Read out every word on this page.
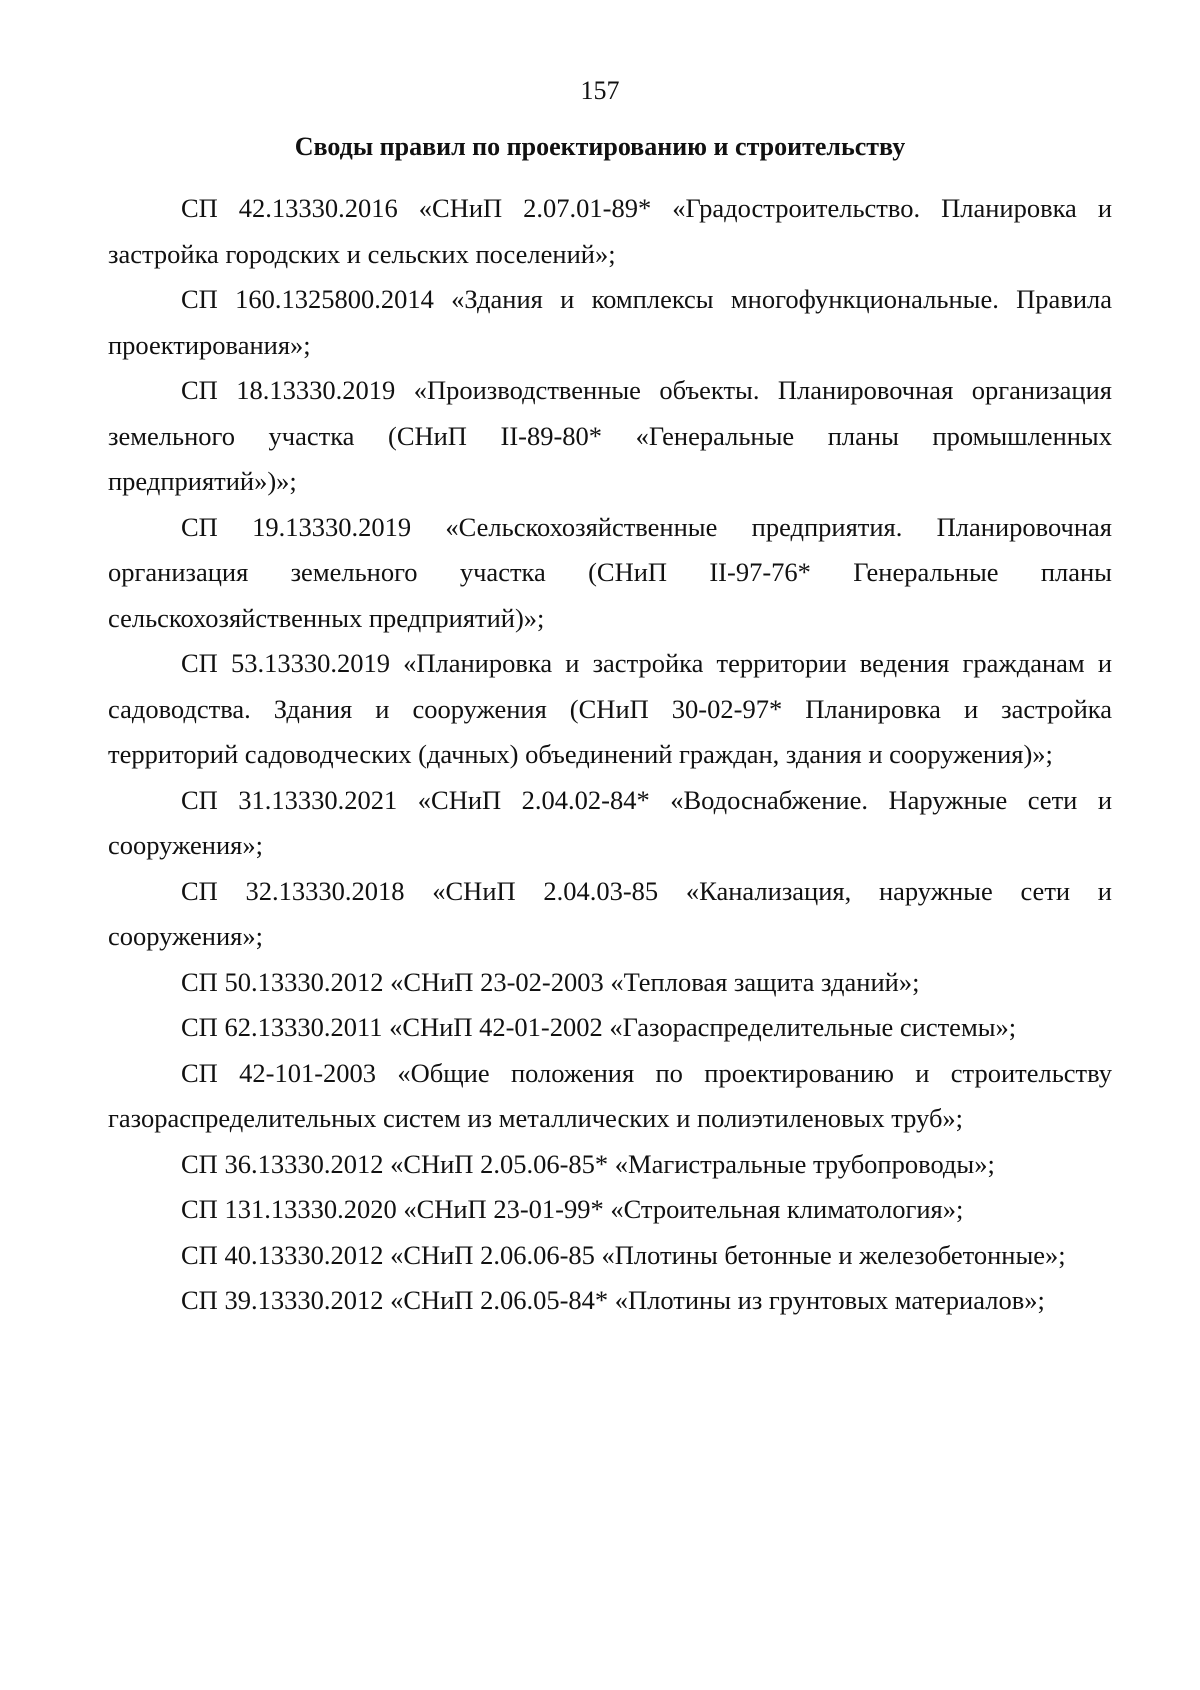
157
Своды правил по проектированию и строительству

СП 42.13330.2016 «СНиП 2.07.01-89* «Градостроительство. Планировка и застройка городских и сельских поселений»;

СП 160.1325800.2014 «Здания и комплексы многофункциональные. Правила проектирования»;

СП 18.13330.2019 «Производственные объекты. Планировочная организация земельного участка (СНиП II-89-80* «Генеральные планы промышленных предприятий»)»;

СП 19.13330.2019 «Сельскохозяйственные предприятия. Планировочная организация земельного участка (СНиП II-97-76* Генеральные планы сельскохозяйственных предприятий)»;

СП 53.13330.2019 «Планировка и застройка территории ведения гражданам и садоводства. Здания и сооружения (СНиП 30-02-97* Планировка и застройка территорий садоводческих (дачных) объединений граждан, здания и сооружения)»;

СП 31.13330.2021 «СНиП 2.04.02-84* «Водоснабжение. Наружные сети и сооружения»;

СП 32.13330.2018 «СНиП 2.04.03-85 «Канализация, наружные сети и сооружения»;

СП 50.13330.2012 «СНиП 23-02-2003 «Тепловая защита зданий»;

СП 62.13330.2011 «СНиП 42-01-2002 «Газораспределительные системы»;

СП 42-101-2003 «Общие положения по проектированию и строительству газораспределительных систем из металлических и полиэтиленовых труб»;

СП 36.13330.2012 «СНиП 2.05.06-85* «Магистральные трубопроводы»;

СП 131.13330.2020 «СНиП 23-01-99* «Строительная климатология»;

СП 40.13330.2012 «СНиП 2.06.06-85 «Плотины бетонные и железобетонные»;

СП 39.13330.2012 «СНиП 2.06.05-84* «Плотины из грунтовых материалов»;
